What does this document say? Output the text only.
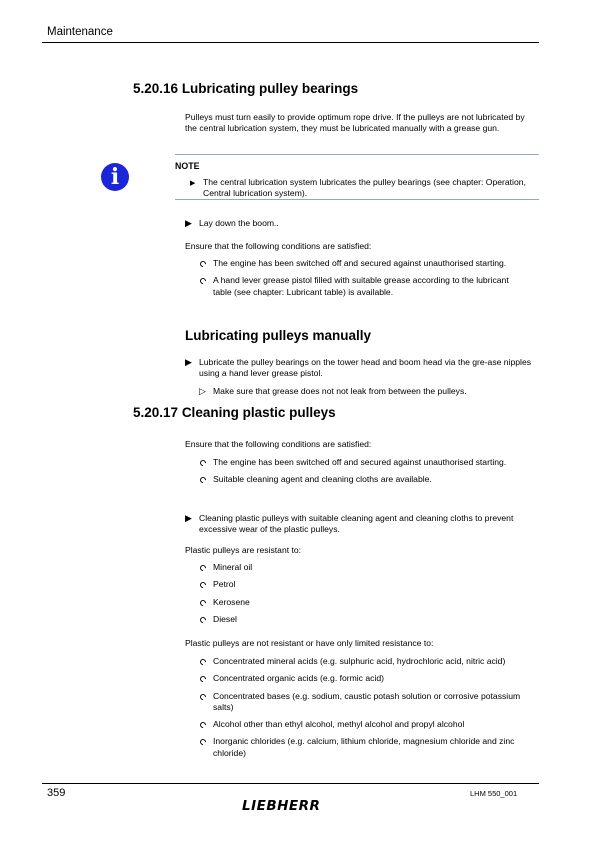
Maintenance
5.20.16 Lubricating pulley bearings
Pulleys must turn easily to provide optimum rope drive. If the pulleys are not lubricated by the central lubrication system, they must be lubricated manually with a grease gun.
i	NOTE
▶ The central lubrication system lubricates the pulley bearings (see chapter: Operation, Central lubrication system).
▶ Lay down the boom..
Ensure that the following conditions are satisfied:
The engine has been switched off and secured against unauthorised starting.
A hand lever grease pistol filled with suitable grease according to the lubricant table (see chapter: Lubricant table) is available.
Lubricating pulleys manually
▶ Lubricate the pulley bearings on the tower head and boom head via the gre-ase nipples using a hand lever grease pistol.
▷ Make sure that grease does not not leak from between the pulleys.
5.20.17 Cleaning plastic pulleys
Ensure that the following conditions are satisfied:
The engine has been switched off and secured against unauthorised starting.
Suitable cleaning agent and cleaning cloths are available.
▶ Cleaning plastic pulleys with suitable cleaning agent and cleaning cloths to prevent excessive wear of the plastic pulleys.
Plastic pulleys are resistant to:
Mineral oil
Petrol
Kerosene
Diesel
Plastic pulleys are not resistant or have only limited resistance to:
Concentrated mineral acids (e.g. sulphuric acid, hydrochloric acid, nitric acid)
Concentrated organic acids (e.g. formic acid)
Concentrated bases (e.g. sodium, caustic potash solution or corrosive potassium salts)
Alcohol other than ethyl alcohol, methyl alcohol and propyl alcohol
Inorganic chlorides (e.g. calcium, lithium chloride, magnesium chloride and zinc chloride)
359	LHM 550_001
LIEBHERR
